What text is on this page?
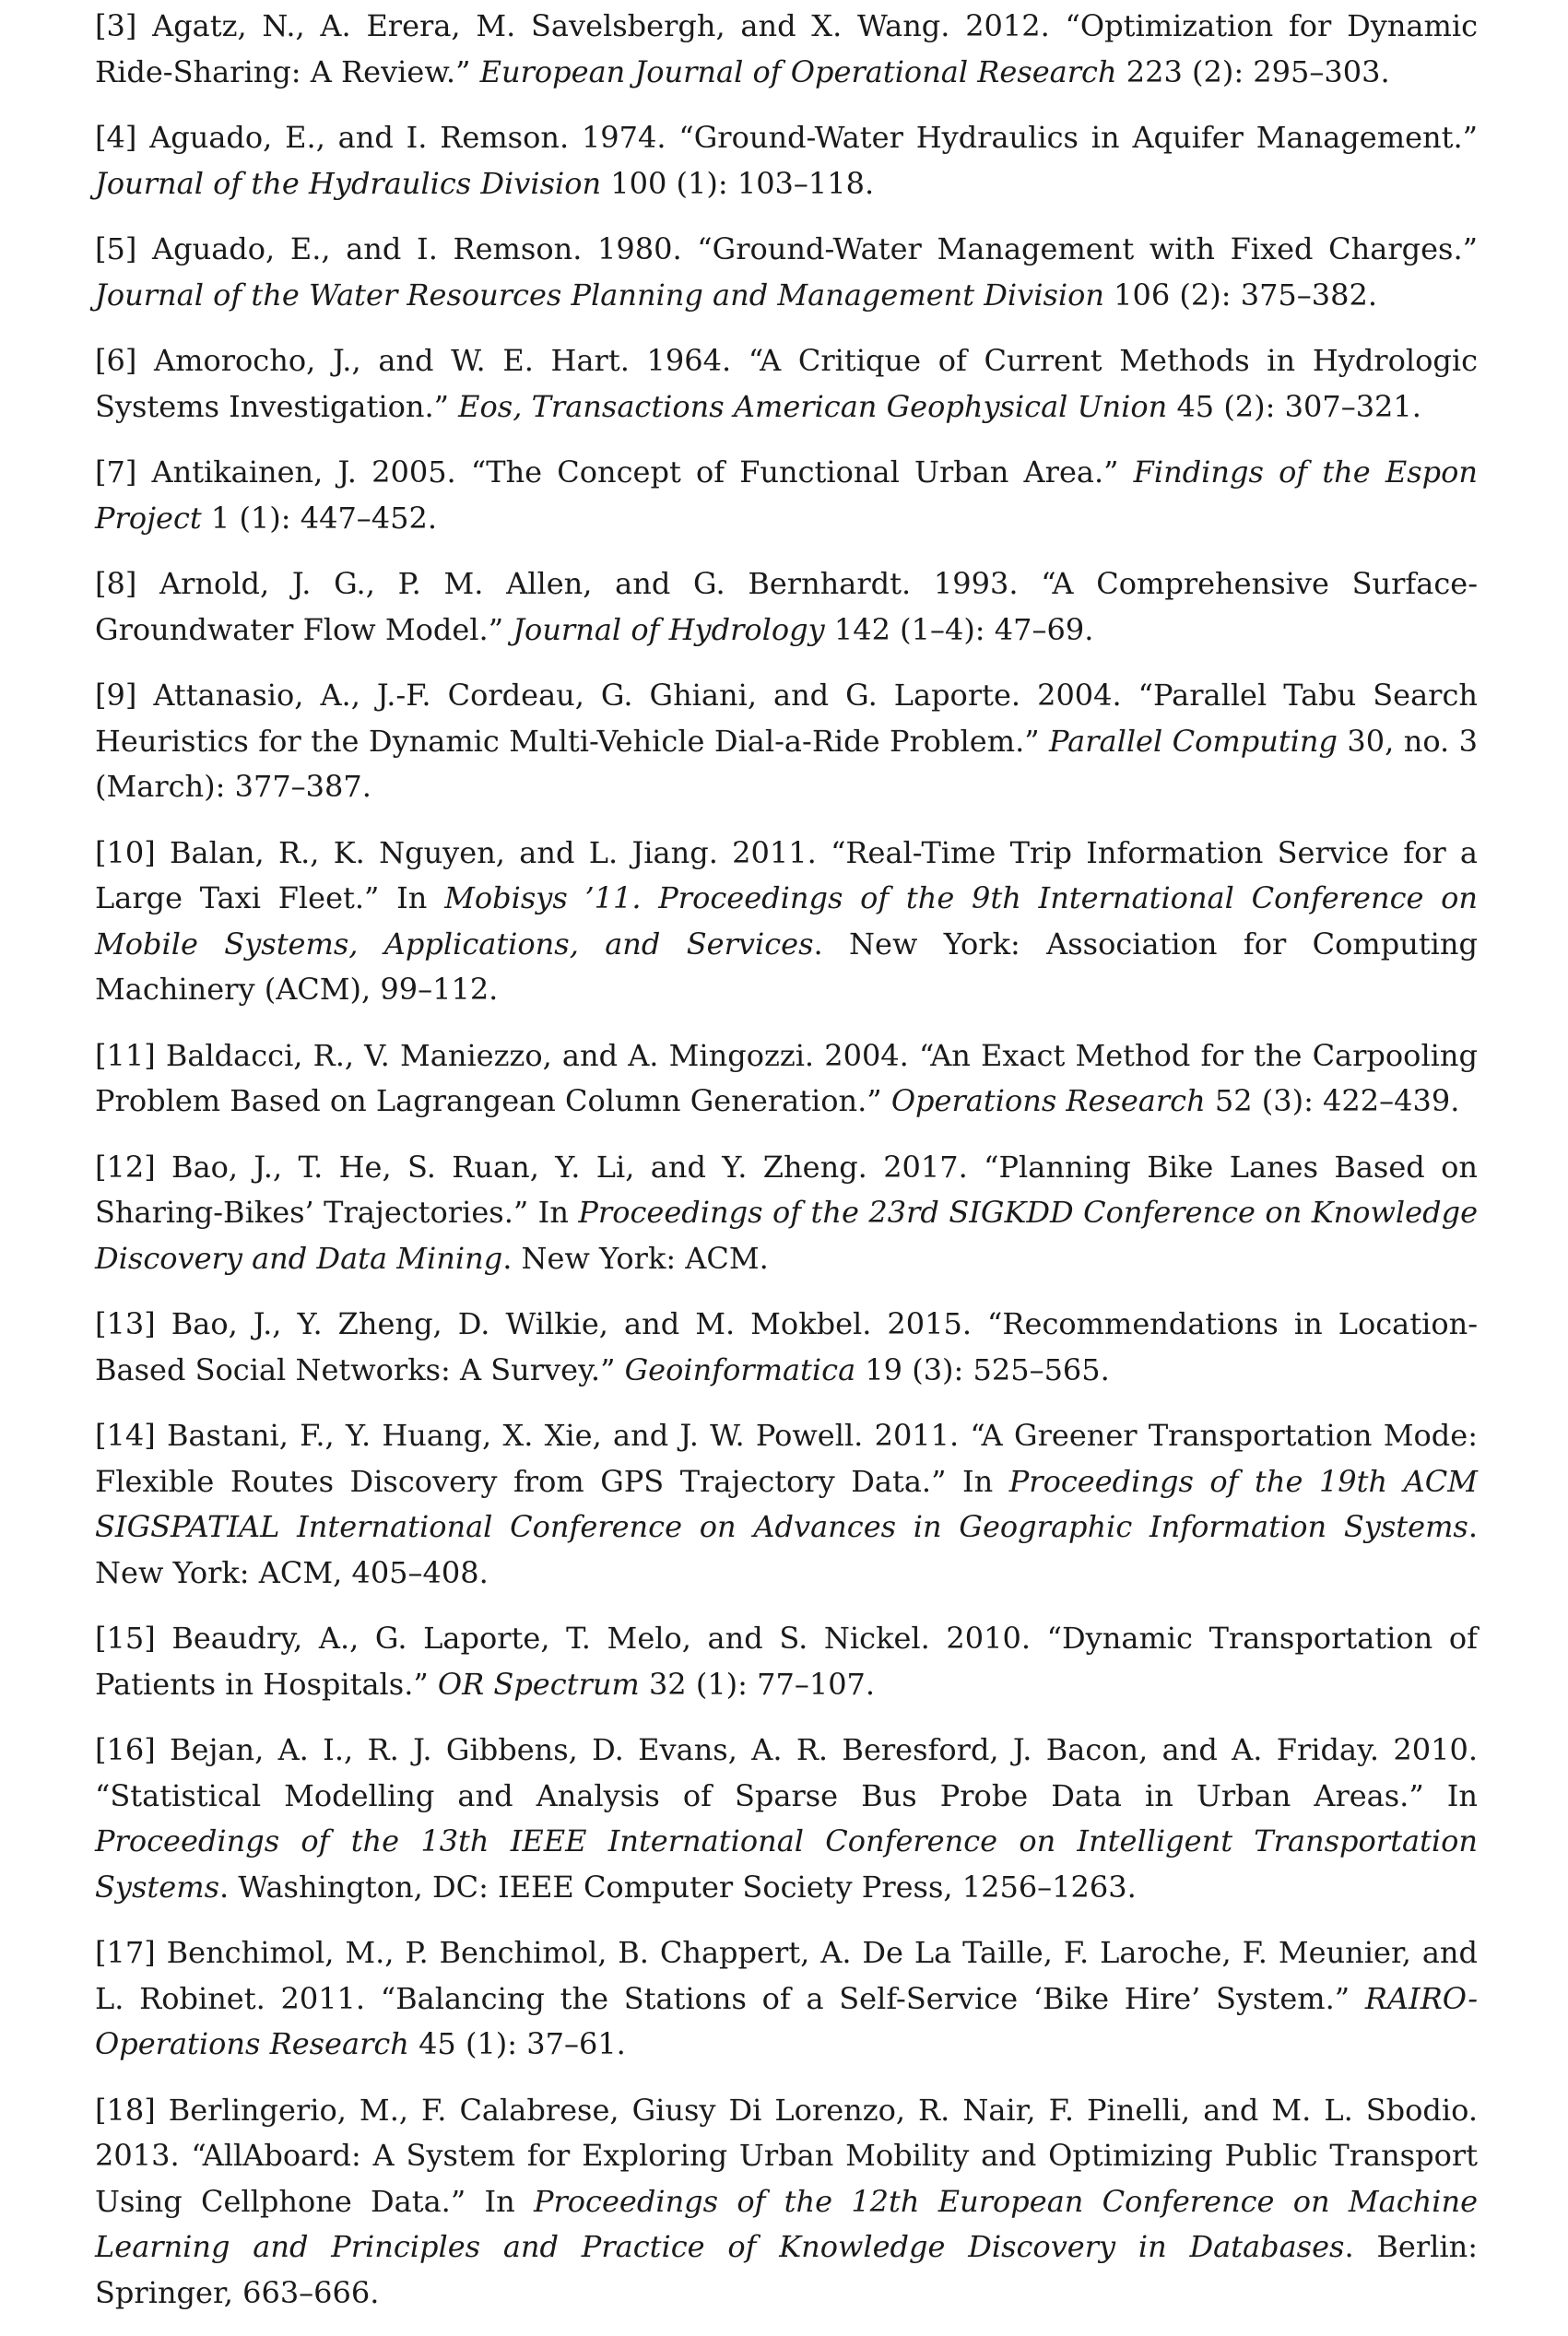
[3] Agatz, N., A. Erera, M. Savelsbergh, and X. Wang. 2012. “Optimization for Dynamic Ride-Sharing: A Review.” European Journal of Operational Research 223 (2): 295–303.

[4] Aguado, E., and I. Remson. 1974. “Ground-Water Hydraulics in Aquifer Management.” Journal of the Hydraulics Division 100 (1): 103–118.

[5] Aguado, E., and I. Remson. 1980. “Ground-Water Management with Fixed Charges.” Journal of the Water Resources Planning and Management Division 106 (2): 375–382.

[6] Amorocho, J., and W. E. Hart. 1964. “A Critique of Current Methods in Hydrologic Systems Investigation.” Eos, Transactions American Geophysical Union 45 (2): 307–321.

[7] Antikainen, J. 2005. “The Concept of Functional Urban Area.” Findings of the Espon Project 1 (1): 447–452.

[8] Arnold, J. G., P. M. Allen, and G. Bernhardt. 1993. “A Comprehensive Surface-Groundwater Flow Model.” Journal of Hydrology 142 (1–4): 47–69.

[9] Attanasio, A., J.-F. Cordeau, G. Ghiani, and G. Laporte. 2004. “Parallel Tabu Search Heuristics for the Dynamic Multi-Vehicle Dial-a-Ride Problem.” Parallel Computing 30, no. 3 (March): 377–387.

[10] Balan, R., K. Nguyen, and L. Jiang. 2011. “Real-Time Trip Information Service for a Large Taxi Fleet.” In Mobisys ’11. Proceedings of the 9th International Conference on Mobile Systems, Applications, and Services. New York: Association for Computing Machinery (ACM), 99–112.

[11] Baldacci, R., V. Maniezzo, and A. Mingozzi. 2004. “An Exact Method for the Carpooling Problem Based on Lagrangean Column Generation.” Operations Research 52 (3): 422–439.

[12] Bao, J., T. He, S. Ruan, Y. Li, and Y. Zheng. 2017. “Planning Bike Lanes Based on Sharing-Bikes’ Trajectories.” In Proceedings of the 23rd SIGKDD Conference on Knowledge Discovery and Data Mining. New York: ACM.

[13] Bao, J., Y. Zheng, D. Wilkie, and M. Mokbel. 2015. “Recommendations in Location-Based Social Networks: A Survey.” Geoinformatica 19 (3): 525–565.

[14] Bastani, F., Y. Huang, X. Xie, and J. W. Powell. 2011. “A Greener Transportation Mode: Flexible Routes Discovery from GPS Trajectory Data.” In Proceedings of the 19th ACM SIGSPATIAL International Conference on Advances in Geographic Information Systems. New York: ACM, 405–408.

[15] Beaudry, A., G. Laporte, T. Melo, and S. Nickel. 2010. “Dynamic Transportation of Patients in Hospitals.” OR Spectrum 32 (1): 77–107.

[16] Bejan, A. I., R. J. Gibbens, D. Evans, A. R. Beresford, J. Bacon, and A. Friday. 2010. “Statistical Modelling and Analysis of Sparse Bus Probe Data in Urban Areas.” In Proceedings of the 13th IEEE International Conference on Intelligent Transportation Systems. Washington, DC: IEEE Computer Society Press, 1256–1263.

[17] Benchimol, M., P. Benchimol, B. Chappert, A. De La Taille, F. Laroche, F. Meunier, and L. Robinet. 2011. “Balancing the Stations of a Self-Service ‘Bike Hire’ System.” RAIRO-Operations Research 45 (1): 37–61.

[18] Berlingerio, M., F. Calabrese, Giusy Di Lorenzo, R. Nair, F. Pinelli, and M. L. Sbodio. 2013. “AllAboard: A System for Exploring Urban Mobility and Optimizing Public Transport Using Cellphone Data.” In Proceedings of the 12th European Conference on Machine Learning and Principles and Practice of Knowledge Discovery in Databases. Berlin: Springer, 663–666.
